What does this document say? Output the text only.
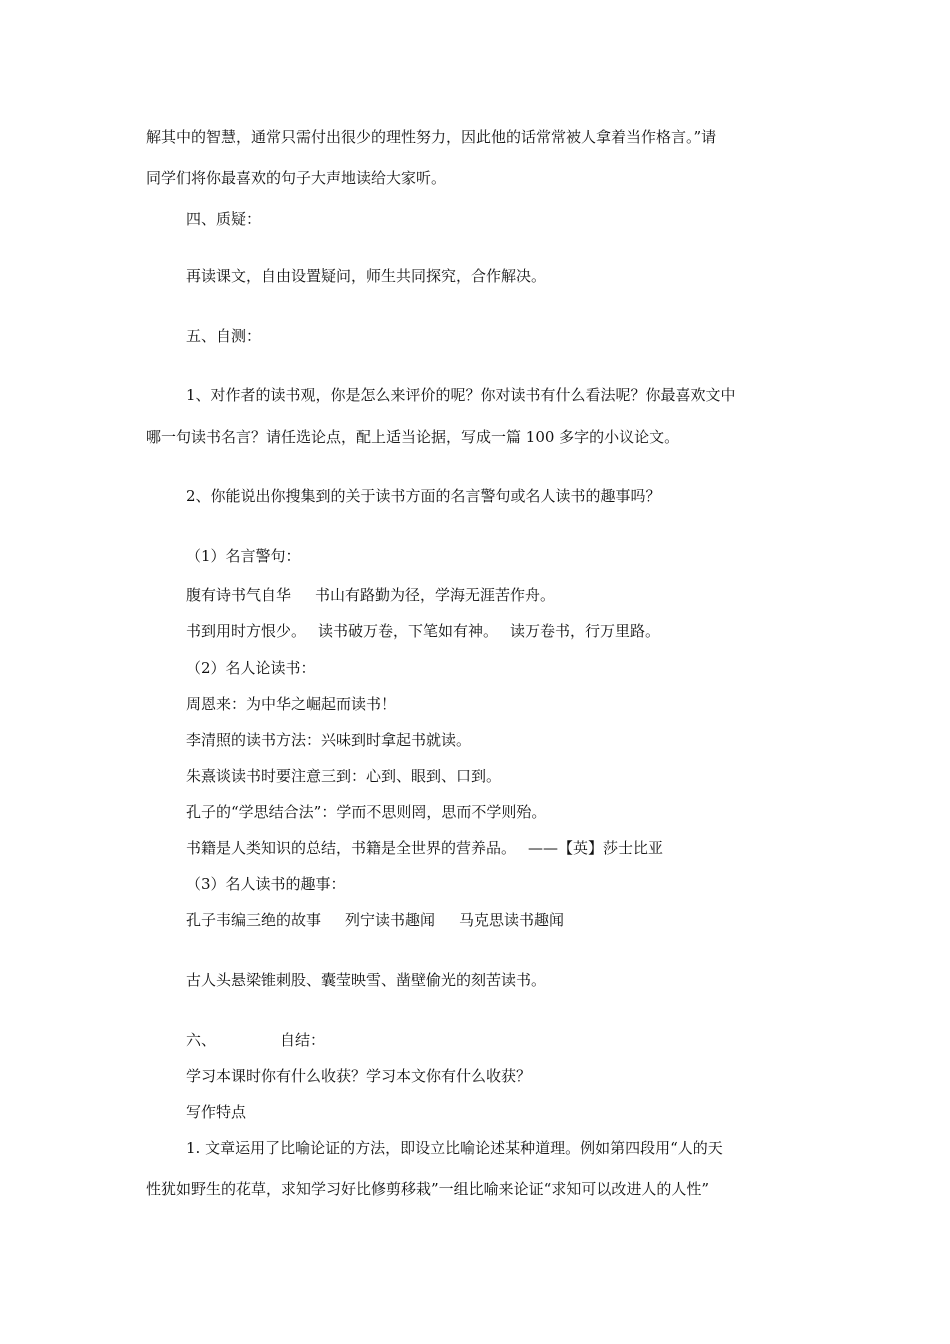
解其中的智慧，通常只需付出很少的理性努力，因此他的话常常被人拿着当作格言。”请
同学们将你最喜欢的句子大声地读给大家听。
四、质疑：
再读课文，自由设置疑问，师生共同探究，合作解决。
五、自测：
1、对作者的读书观，你是怎么来评价的呢？你对读书有什么看法呢？你最喜欢文中
哪一句读书名言？请任选论点，配上适当论据，写成一篇 100 多字的小议论文。
2、你能说出你搜集到的关于读书方面的名言警句或名人读书的趣事吗？
（1）名言警句：
腹有诗书气自华 书山有路勤为径，学海无涯苦作舟。
书到用时方恨少。 读书破万卷，下笔如有神。 读万卷书，行万里路。
（2）名人论读书：
周恩来：为中华之崛起而读书！
李清照的读书方法：兴味到时拿起书就读。
朱熹谈读书时要注意三到：心到、眼到、口到。
孔子的“学思结合法”：学而不思则罔，思而不学则殆。
书籍是人类知识的总结，书籍是全世界的营养品。 ——【英】莎士比亚
（3）名人读书的趣事：
孔子韦编三绝的故事 列宁读书趣闻 马克思读书趣闻
古人头悬梁锥刺股、囊莹映雪、凿壁偷光的刻苦读书。
六、	自结：
学习本课时你有什么收获？学习本文你有什么收获？
写作特点
1. 文章运用了比喻论证的方法，即设立比喻论述某种道理。例如第四段用“人的天
性犹如野生的花草，求知学习好比修剪移栽”一组比喻来论证“求知可以改进人的人性”
